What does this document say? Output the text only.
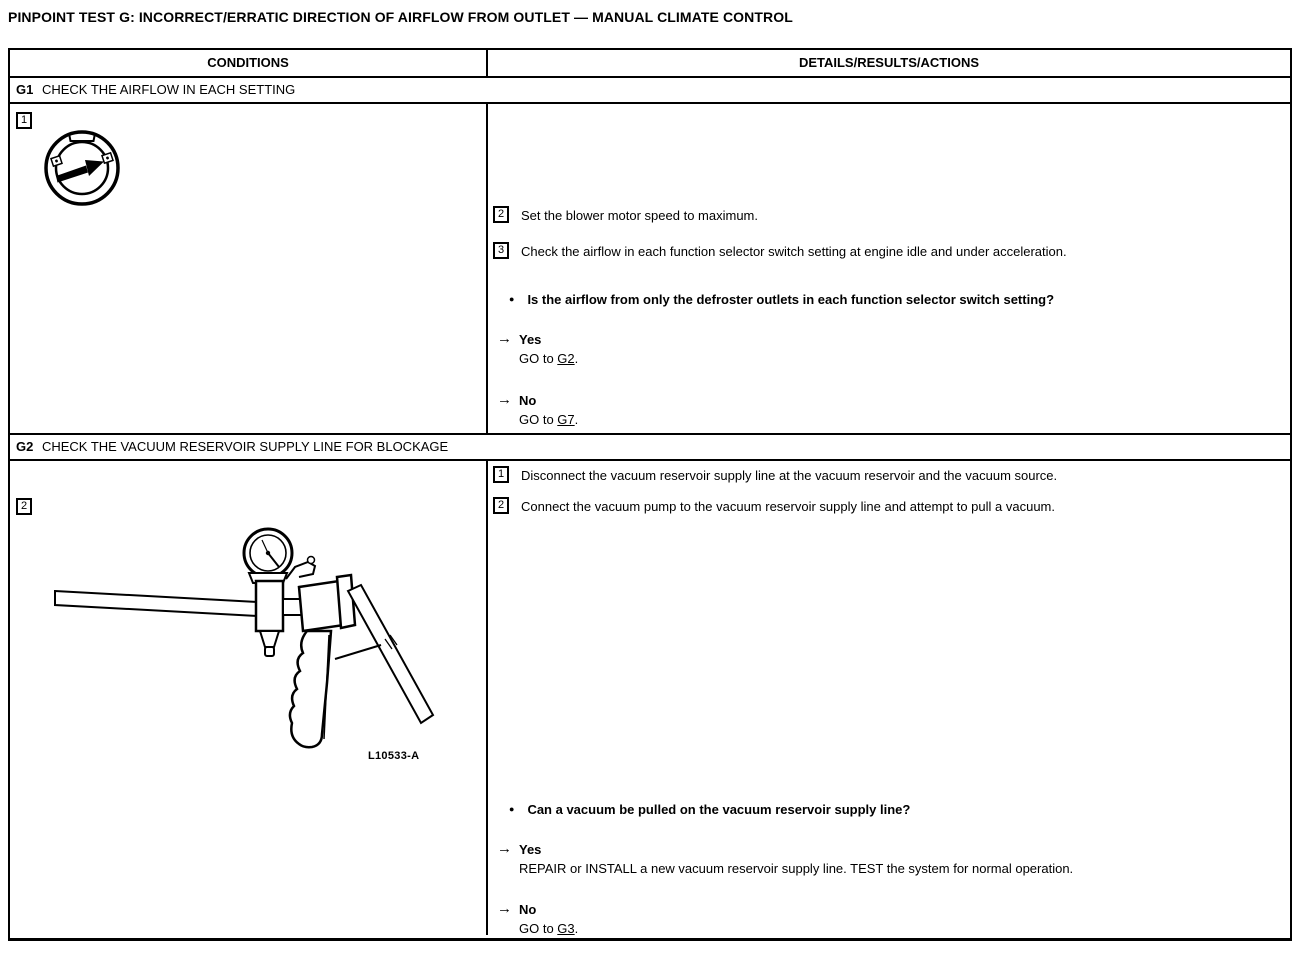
PINPOINT TEST G: INCORRECT/ERRATIC DIRECTION OF AIRFLOW FROM OUTLET — MANUAL CLIMATE CONTROL
CONDITIONS	DETAILS/RESULTS/ACTIONS
G1 CHECK THE AIRFLOW IN EACH SETTING
1
2	Set the blower motor speed to maximum.
3	Check the airflow in each function selector switch setting at engine idle and under acceleration.
● Is the airflow from only the defroster outlets in each function selector switch setting?
→ Yes
GO to G2.
→ No
GO to G7.
G2 CHECK THE VACUUM RESERVOIR SUPPLY LINE FOR BLOCKAGE
2
L10533-A
1	Disconnect the vacuum reservoir supply line at the vacuum reservoir and the vacuum source.
2	Connect the vacuum pump to the vacuum reservoir supply line and attempt to pull a vacuum.
● Can a vacuum be pulled on the vacuum reservoir supply line?
→ Yes
REPAIR or INSTALL a new vacuum reservoir supply line. TEST the system for normal operation.
→ No
GO to G3.
